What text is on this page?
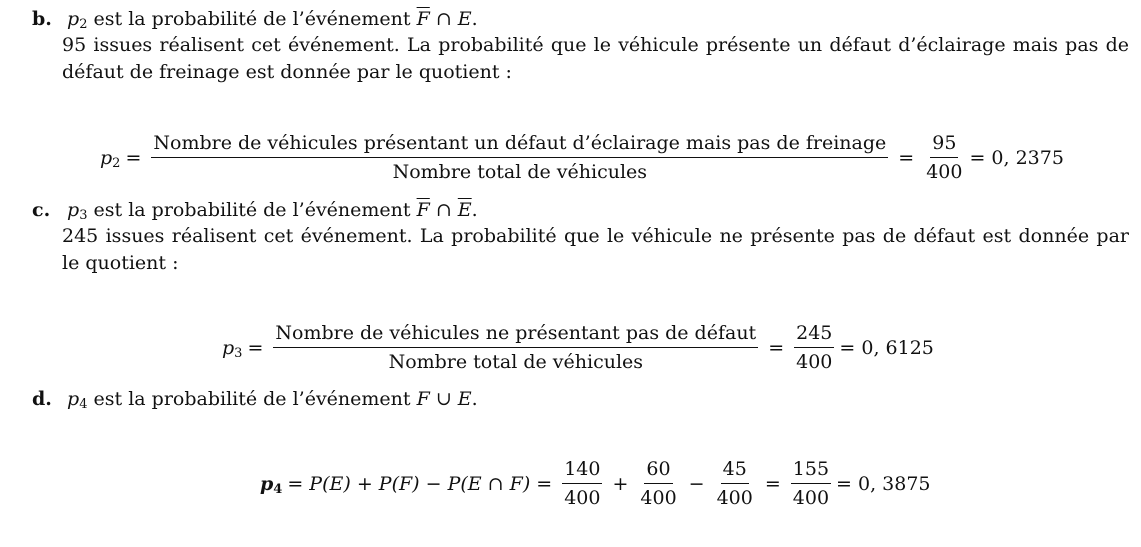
b. $p_2$ est la probabilité de l’événement $\overline{F}$ ∩ E.
95 issues réalisent cet événement. La probabilité que le véhicule présente un défaut d’éclairage mais pas de défaut de freinage est donnée par le quotient :
$p_2$ =
Nombre de véhicules présentant un défaut d’éclairage mais pas de freinage
Nombre total de véhicules
= $\frac{95}{400} = 0$, 2375
c. $p_3$ est la probabilité de l’événement $\overline{F}$ ∩ $\overline{E}$.
245 issues réalisent cet événement. La probabilité que le véhicule ne présente pas de défaut est donnée par le quotient :
$p_3 = \frac{\text{Nombre de véhicules ne présentant pas de défaut}}{\text{Nombre total de véhicules}} = \frac{245}{400} = 0$, 6125
d. $p_4$ est la probabilité de l’événement F ∪ E.
$p_4 = P(E) + P(F) - P(E$ ∩ $F) = \frac{140}{400} + \frac{60}{400} - \frac{45}{400} = \frac{155}{400} = 0$, 3875
